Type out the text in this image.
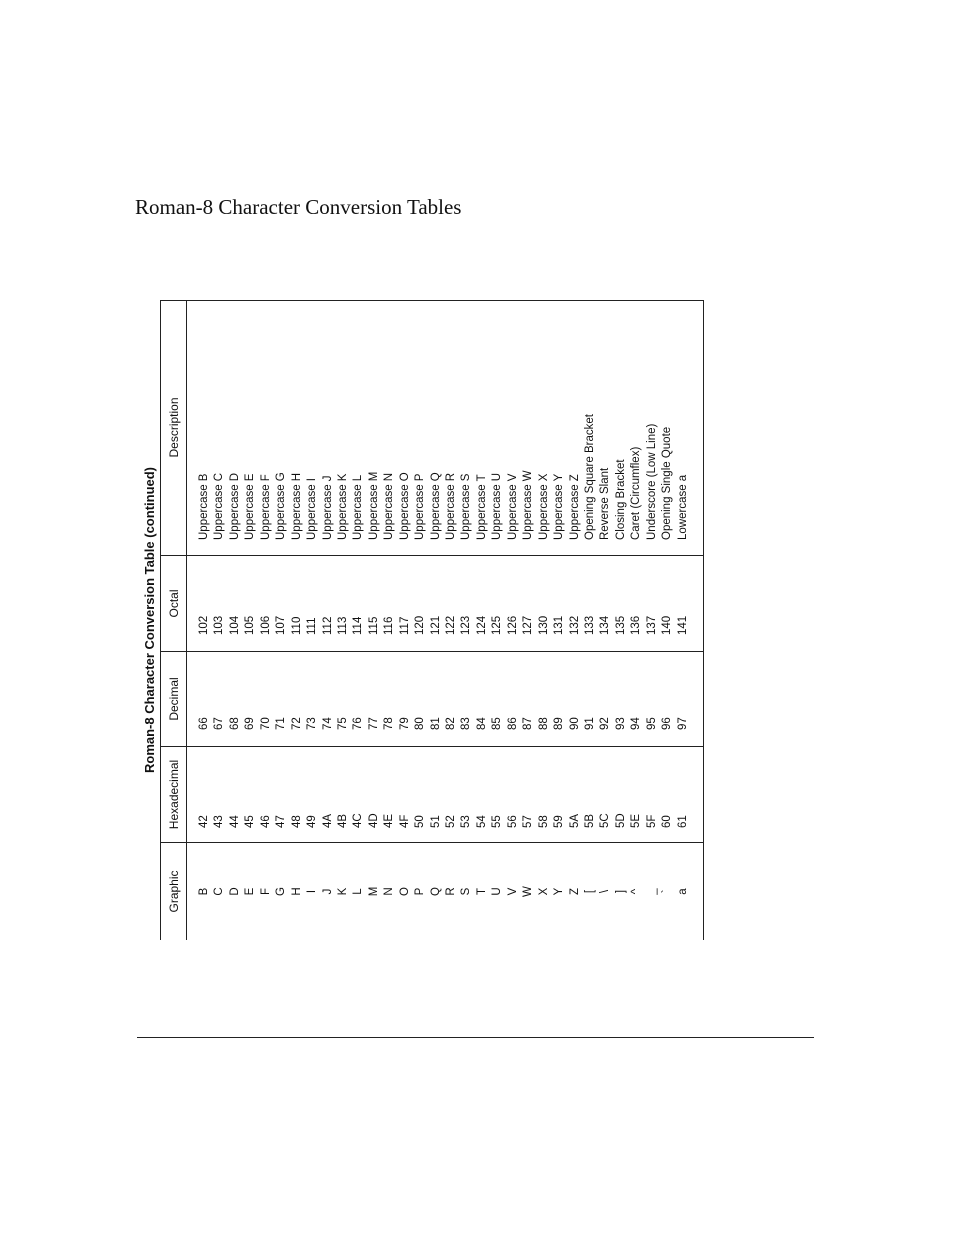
Roman-8 Character Conversion Tables
Roman-8 Character Conversion Table (continued)
Graphic
Hexadecimal
Decimal
Octal
Description
B
42
66
102
Uppercase B
C
43
67
103
Uppercase C
D
44
68
104
Uppercase D
E
45
69
105
Uppercase E
F
46
70
106
Uppercase F
G
47
71
107
Uppercase G
H
48
72
110
Uppercase H
I
49
73
111
Uppercase I
J
4A
74
112
Uppercase J
K
4B
75
113
Uppercase K
L
4C
76
114
Uppercase L
M
4D
77
115
Uppercase M
N
4E
78
116
Uppercase N
O
4F
79
117
Uppercase O
P
50
80
120
Uppercase P
Q
51
81
121
Uppercase Q
R
52
82
122
Uppercase R
S
53
83
123
Uppercase S
T
54
84
124
Uppercase T
U
55
85
125
Uppercase U
V
56
86
126
Uppercase V
W
57
87
127
Uppercase W
X
58
88
130
Uppercase X
Y
59
89
131
Uppercase Y
Z
5A
90
132
Uppercase Z
[
5B
91
133
Opening Square Bracket
\
5C
92
134
Reverse Slant
]
5D
93
135
Closing Bracket
^
5E
94
136
Caret (Circumflex)
_
5F
95
137
Underscore (Low Line)
`
60
96
140
Opening Single Quote
a
61
97
141
Lowercase a
